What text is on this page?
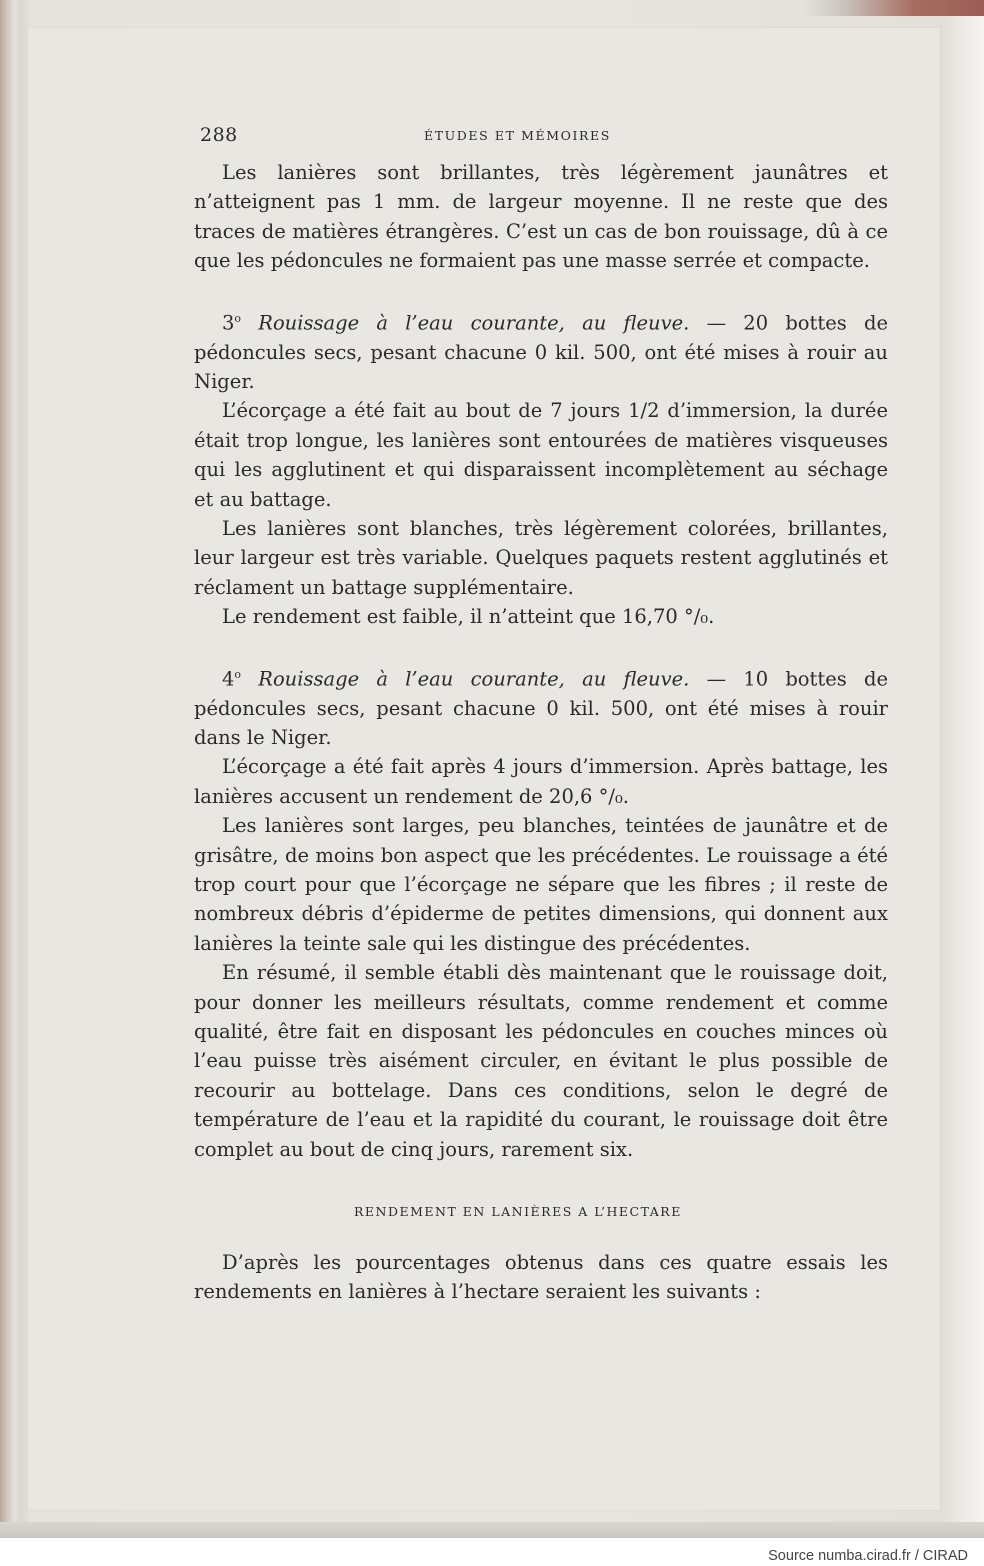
288	ÉTUDES ET MÉMOIRES

Les lanières sont brillantes, très légèrement jaunâtres et n’atteignent pas 1 mm. de largeur moyenne. Il ne reste que des traces de matières étrangères. C’est un cas de bon rouissage, dû à ce que les pédoncules ne formaient pas une masse serrée et compacte.

3$^o$ Rouissage à l’eau courante, au fleuve. — 20 bottes de pédoncules secs, pesant chacune 0 kil. 500, ont été mises à rouir au Niger.

L’écorçage a été fait au bout de 7 jours 1/2 d’immersion, la durée était trop longue, les lanières sont entourées de matières visqueuses qui les agglutinent et qui disparaissent incomplètement au séchage et au battage.

Les lanières sont blanches, très légèrement colorées, brillantes, leur largeur est très variable. Quelques paquets restent agglutinés et réclament un battage supplémentaire.

Le rendement est faible, il n’atteint que 16,70 °/₀.

4$^o$ Rouissage à l’eau courante, au fleuve. — 10 bottes de pédoncules secs, pesant chacune 0 kil. 500, ont été mises à rouir dans le Niger.

L’écorçage a été fait après 4 jours d’immersion. Après battage, les lanières accusent un rendement de 20,6 °/₀.

Les lanières sont larges, peu blanches, teintées de jaunâtre et de grisâtre, de moins bon aspect que les précédentes. Le rouissage a été trop court pour que l’écorçage ne sépare que les fibres ; il reste de nombreux débris d’épiderme de petites dimensions, qui donnent aux lanières la teinte sale qui les distingue des précédentes.

En résumé, il semble établi dès maintenant que le rouissage doit, pour donner les meilleurs résultats, comme rendement et comme qualité, être fait en disposant les pédoncules en couches minces où l’eau puisse très aisément circuler, en évitant le plus possible de recourir au bottelage. Dans ces conditions, selon le degré de température de l’eau et la rapidité du courant, le rouissage doit être complet au bout de cinq jours, rarement six.

RENDEMENT EN LANIÈRES A L’HECTARE

D’après les pourcentages obtenus dans ces quatre essais les rendements en lanières à l’hectare seraient les suivants :

Source numba.cirad.fr / CIRAD
